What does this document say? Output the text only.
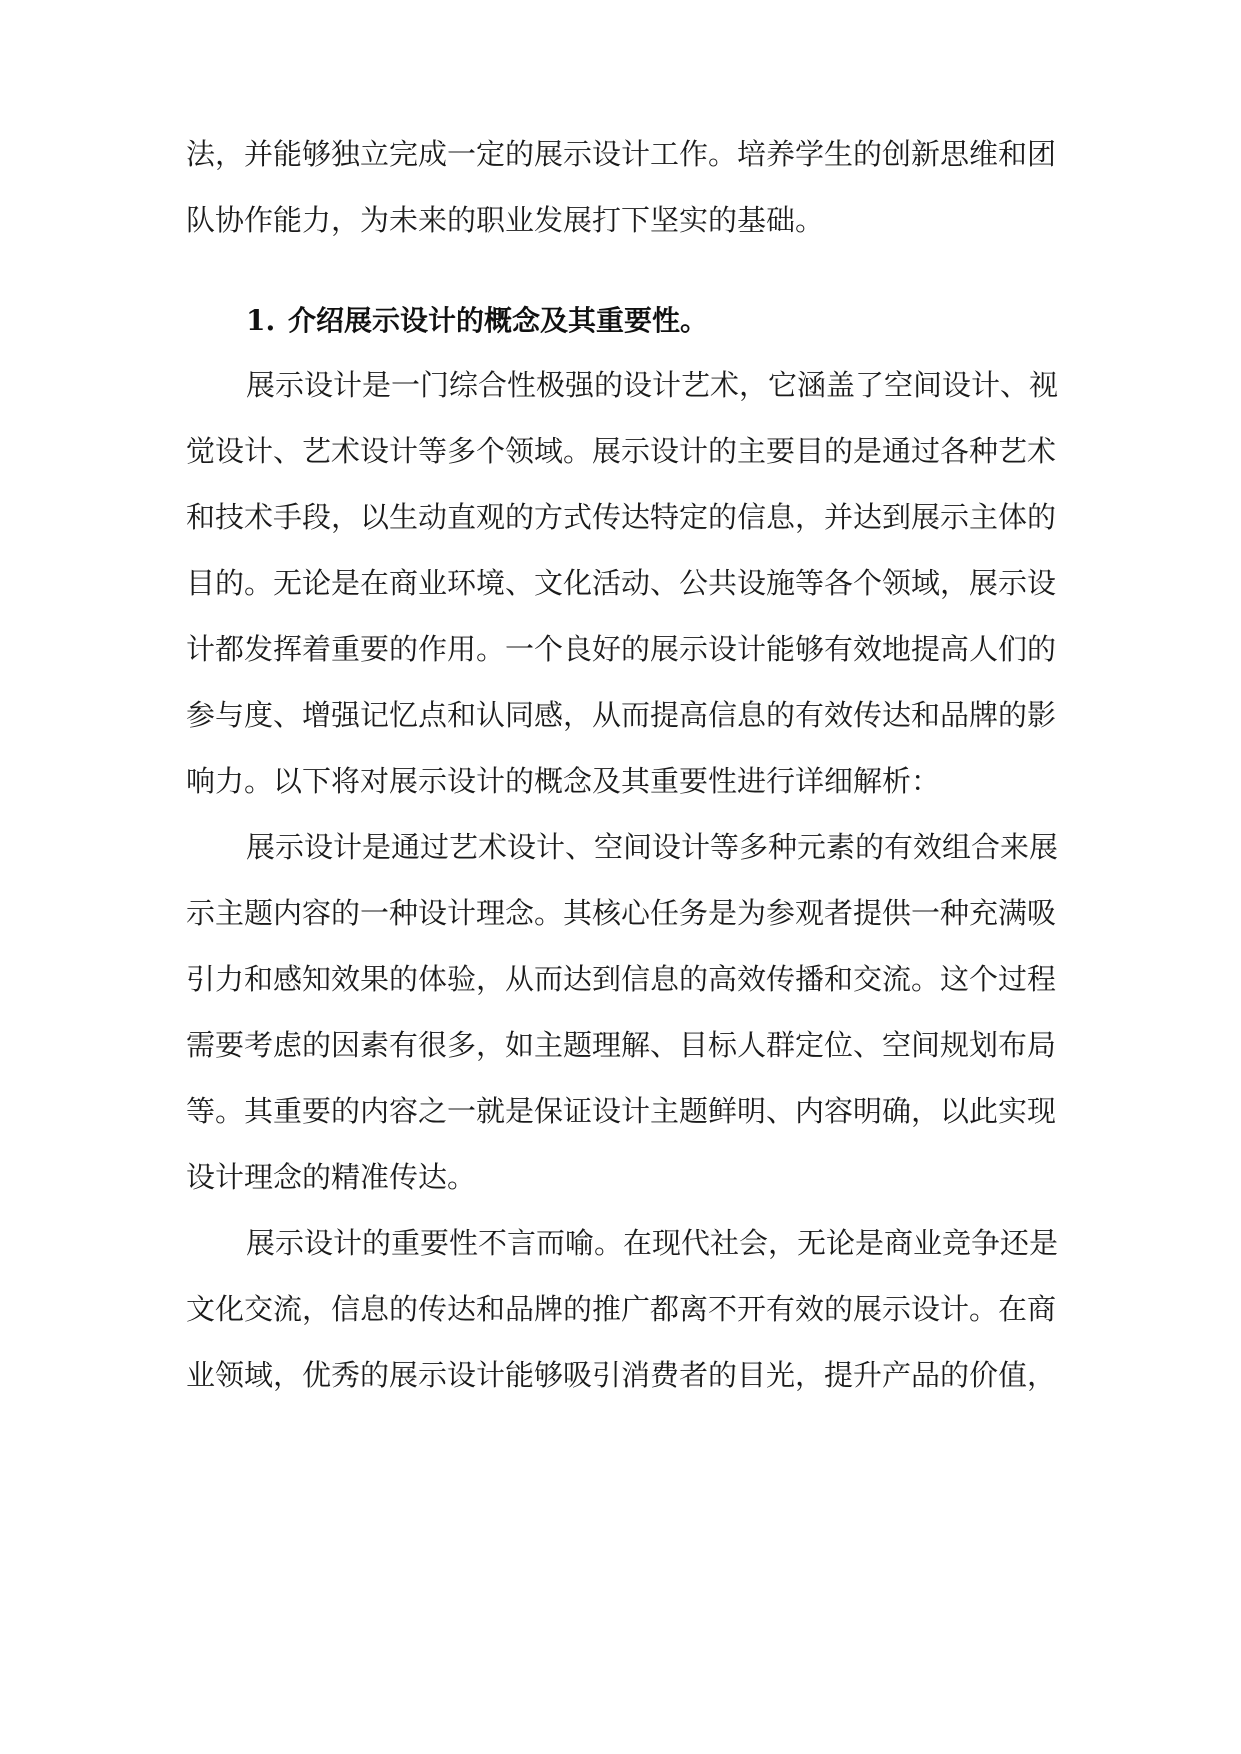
法，并能够独立完成一定的展示设计工作。培养学生的创新思维和团
队协作能力，为未来的职业发展打下坚实的基础。
1. 介绍展示设计的概念及其重要性。
展示设计是一门综合性极强的设计艺术，它涵盖了空间设计、视
觉设计、艺术设计等多个领域。展示设计的主要目的是通过各种艺术
和技术手段，以生动直观的方式传达特定的信息，并达到展示主体的
目的。无论是在商业环境、文化活动、公共设施等各个领域，展示设
计都发挥着重要的作用。一个良好的展示设计能够有效地提高人们的
参与度、增强记忆点和认同感，从而提高信息的有效传达和品牌的影
响力。以下将对展示设计的概念及其重要性进行详细解析：
展示设计是通过艺术设计、空间设计等多种元素的有效组合来展
示主题内容的一种设计理念。其核心任务是为参观者提供一种充满吸
引力和感知效果的体验，从而达到信息的高效传播和交流。这个过程
需要考虑的因素有很多，如主题理解、目标人群定位、空间规划布局
等。其重要的内容之一就是保证设计主题鲜明、内容明确，以此实现
设计理念的精准传达。
展示设计的重要性不言而喻。在现代社会，无论是商业竞争还是
文化交流，信息的传达和品牌的推广都离不开有效的展示设计。在商
业领域，优秀的展示设计能够吸引消费者的目光，提升产品的价值，
